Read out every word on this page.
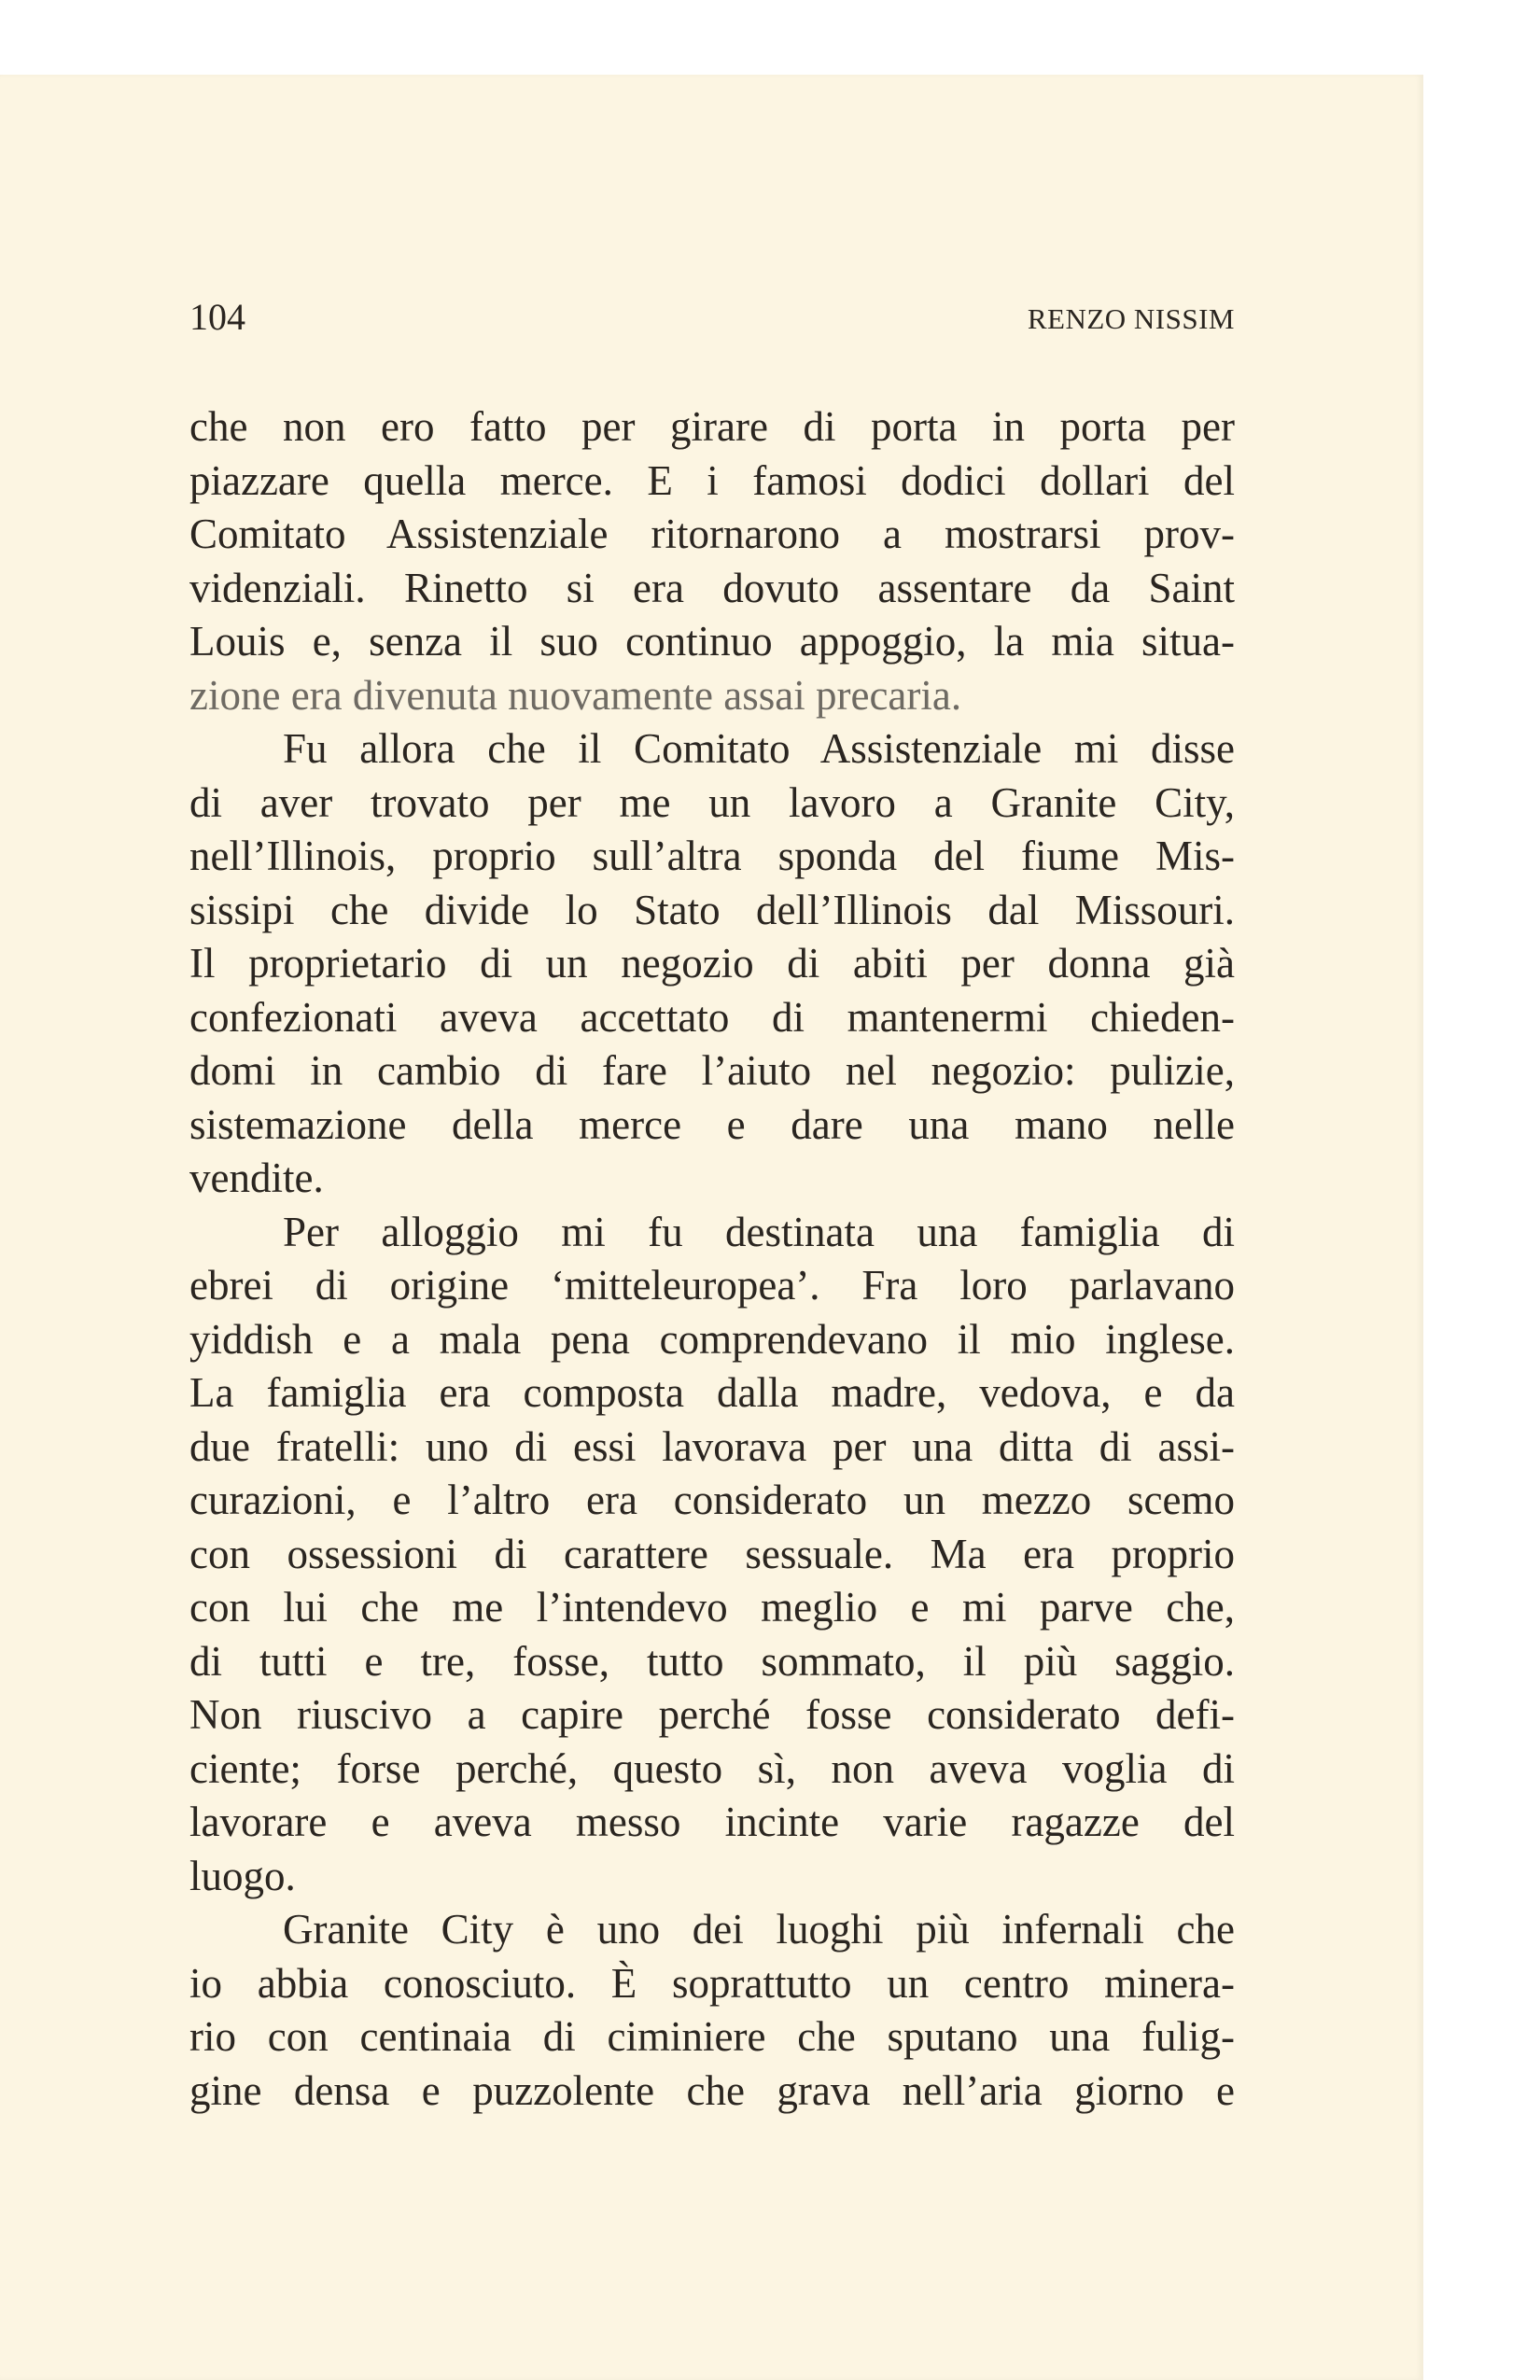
104	RENZO NISSIM
che non ero fatto per girare di porta in porta per
piazzare quella merce. E i famosi dodici dollari del
Comitato Assistenziale ritornarono a mostrarsi prov-
videnziali. Rinetto si era dovuto assentare da Saint
Louis e, senza il suo continuo appoggio, la mia situa-
zione era divenuta nuovamente assai precaria.
Fu allora che il Comitato Assistenziale mi disse
di aver trovato per me un lavoro a Granite City,
nell’Illinois, proprio sull’altra sponda del fiume Mis-
sissipi che divide lo Stato dell’Illinois dal Missouri.
Il proprietario di un negozio di abiti per donna già
confezionati aveva accettato di mantenermi chieden-
domi in cambio di fare l’aiuto nel negozio: pulizie,
sistemazione della merce e dare una mano nelle
vendite.
Per alloggio mi fu destinata una famiglia di
ebrei di origine ‘mitteleuropea’. Fra loro parlavano
yiddish e a mala pena comprendevano il mio inglese.
La famiglia era composta dalla madre, vedova, e da
due fratelli: uno di essi lavorava per una ditta di assi-
curazioni, e l’altro era considerato un mezzo scemo
con ossessioni di carattere sessuale. Ma era proprio
con lui che me l’intendevo meglio e mi parve che,
di tutti e tre, fosse, tutto sommato, il più saggio.
Non riuscivo a capire perché fosse considerato defi-
ciente; forse perché, questo sì, non aveva voglia di
lavorare e aveva messo incinte varie ragazze del
luogo.
Granite City è uno dei luoghi più infernali che
io abbia conosciuto. È soprattutto un centro minera-
rio con centinaia di ciminiere che sputano una fulig-
gine densa e puzzolente che grava nell’aria giorno e
